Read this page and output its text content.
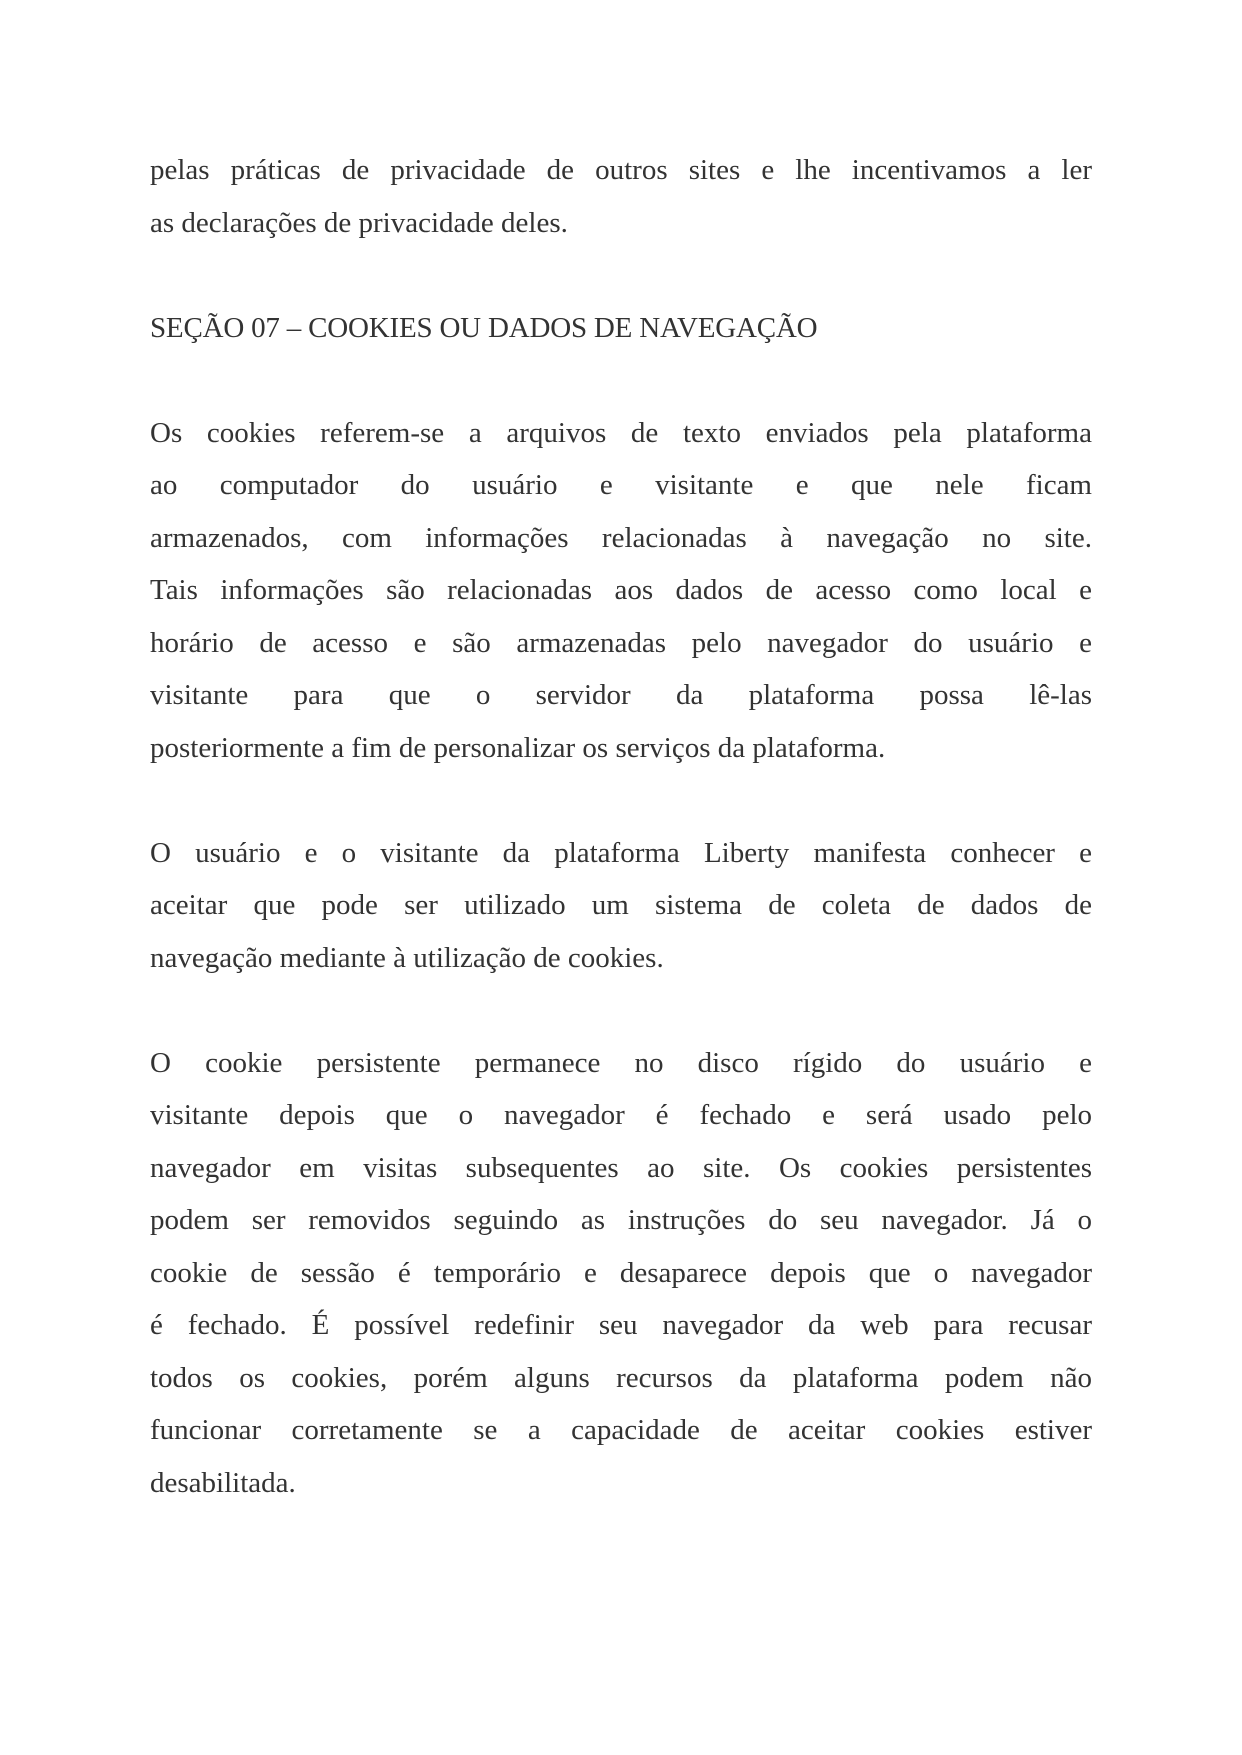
pelas práticas de privacidade de outros sites e lhe incentivamos a ler
as declarações de privacidade deles.
SEÇÃO 07 – COOKIES OU DADOS DE NAVEGAÇÃO
Os cookies referem-se a arquivos de texto enviados pela plataforma
ao computador do usuário e visitante e que nele ficam
armazenados, com informações relacionadas à navegação no site.
Tais informações são relacionadas aos dados de acesso como local e
horário de acesso e são armazenadas pelo navegador do usuário e
visitante para que o servidor da plataforma possa lê-las
posteriormente a fim de personalizar os serviços da plataforma.
O usuário e o visitante da plataforma Liberty manifesta conhecer e
aceitar que pode ser utilizado um sistema de coleta de dados de
navegação mediante à utilização de cookies.
O cookie persistente permanece no disco rígido do usuário e
visitante depois que o navegador é fechado e será usado pelo
navegador em visitas subsequentes ao site. Os cookies persistentes
podem ser removidos seguindo as instruções do seu navegador. Já o
cookie de sessão é temporário e desaparece depois que o navegador
é fechado. É possível redefinir seu navegador da web para recusar
todos os cookies, porém alguns recursos da plataforma podem não
funcionar corretamente se a capacidade de aceitar cookies estiver
desabilitada.
